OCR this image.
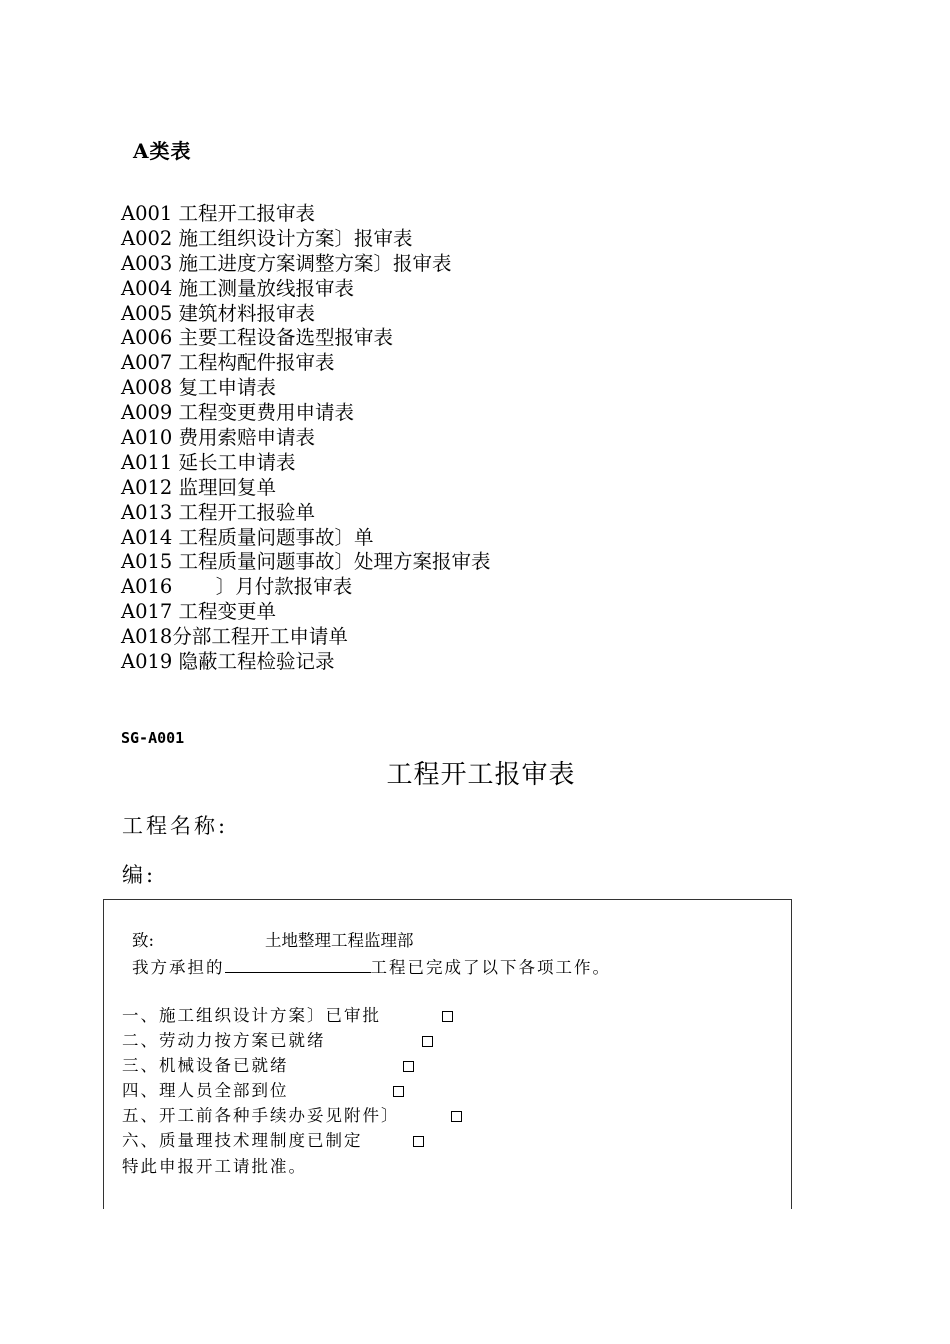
A类表
A001 工程开工报审表
A002 施工组织设计方案〕报审表
A003 施工进度方案调整方案〕报审表
A004 施工测量放线报审表
A005 建筑材料报审表
A006 主要工程设备选型报审表
A007 工程构配件报审表
A008 复工申请表
A009 工程变更费用申请表
A010 费用索赔申请表
A011 延长工申请表
A012 监理回复单
A013 工程开工报验单
A014 工程质量问题事故〕单
A015 工程质量问题事故〕处理方案报审表
A016       〕月付款报审表
A017 工程变更单
A018分部工程开工申请单
A019 隐蔽工程检验记录
SG-A001
工程开工报审表
工程名称:
编:

致:

	土地整理工程监理部

我方承担的	工程已完成了以下各项工作。
一、施工组织设计方案〕已审批
二、劳动力按方案已就绪
三、机械设备已就绪
四、理人员全部到位
五、开工前各种手续办妥见附件〕
六、质量理技术理制度已制定
特此申报开工请批准。
